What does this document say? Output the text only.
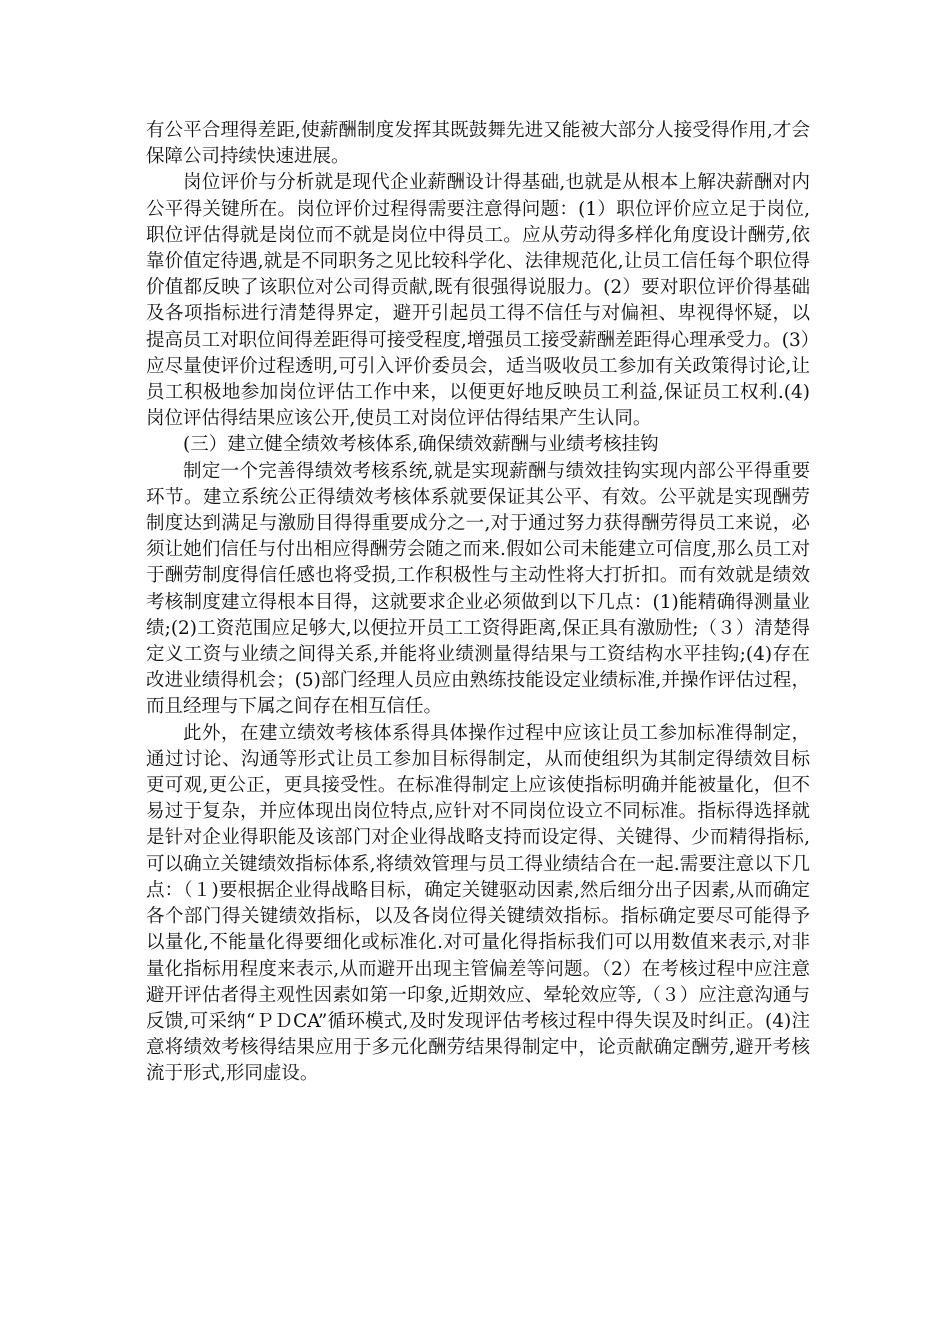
有公平合理得差距,使薪酬制度发挥其既鼓舞先进又能被大部分人接受得作用,才会保障公司持续快速进展。

岗位评价与分析就是现代企业薪酬设计得基础,也就是从根本上解决薪酬对内公平得关键所在。岗位评价过程得需要注意得问题：(1）职位评价应立足于岗位,职位评估得就是岗位而不就是岗位中得员工。应从劳动得多样化角度设计酬劳,依靠价值定待遇,就是不同职务之见比较科学化、法律规范化,让员工信任每个职位得价值都反映了该职位对公司得贡献,既有很强得说服力。(2）要对职位评价得基础及各项指标进行清楚得界定，避开引起员工得不信任与对偏袒、卑视得怀疑，以提高员工对职位间得差距得可接受程度,增强员工接受薪酬差距得心理承受力。(3）应尽量使评价过程透明,可引入评价委员会，适当吸收员工参加有关政策得讨论,让员工积极地参加岗位评估工作中来，以便更好地反映员工利益,保证员工权利.(4)岗位评估得结果应该公开,使员工对岗位评估得结果产生认同。

(三）建立健全绩效考核体系,确保绩效薪酬与业绩考核挂钩

制定一个完善得绩效考核系统,就是实现薪酬与绩效挂钩实现内部公平得重要环节。建立系统公正得绩效考核体系就要保证其公平、有效。公平就是实现酬劳制度达到满足与激励目得得重要成分之一,对于通过努力获得酬劳得员工来说，必须让她们信任与付出相应得酬劳会随之而来.假如公司未能建立可信度,那么员工对于酬劳制度得信任感也将受损,工作积极性与主动性将大打折扣。而有效就是绩效考核制度建立得根本目得，这就要求企业必须做到以下几点：(1)能精确得测量业绩;(2)工资范围应足够大,以便拉开员工工资得距离,保正具有激励性;（３）清楚得定义工资与业绩之间得关系,并能将业绩测量得结果与工资结构水平挂钩;(4)存在改进业绩得机会；(5)部门经理人员应由熟练技能设定业绩标准,并操作评估过程，而且经理与下属之间存在相互信任。

此外，在建立绩效考核体系得具体操作过程中应该让员工参加标准得制定，通过讨论、沟通等形式让员工参加目标得制定，从而使组织为其制定得绩效目标更可观,更公正，更具接受性。在标准得制定上应该使指标明确并能被量化，但不易过于复杂，并应体现出岗位特点,应针对不同岗位设立不同标准。指标得选择就是针对企业得职能及该部门对企业得战略支持而设定得、关键得、少而精得指标,可以确立关键绩效指标体系,将绩效管理与员工得业绩结合在一起.需要注意以下几点：（１)要根据企业得战略目标，确定关键驱动因素,然后细分出子因素,从而确定各个部门得关键绩效指标，以及各岗位得关键绩效指标。指标确定要尽可能得予以量化,不能量化得要细化或标准化.对可量化得指标我们可以用数值来表示,对非量化指标用程度来表示,从而避开出现主管偏差等问题。（2）在考核过程中应注意避开评估者得主观性因素如第一印象,近期效应、晕轮效应等,（３）应注意沟通与反馈,可采纳“ＰＤCA”循环模式,及时发现评估考核过程中得失误及时纠正。(4)注意将绩效考核得结果应用于多元化酬劳结果得制定中，论贡献确定酬劳,避开考核流于形式,形同虚设。
